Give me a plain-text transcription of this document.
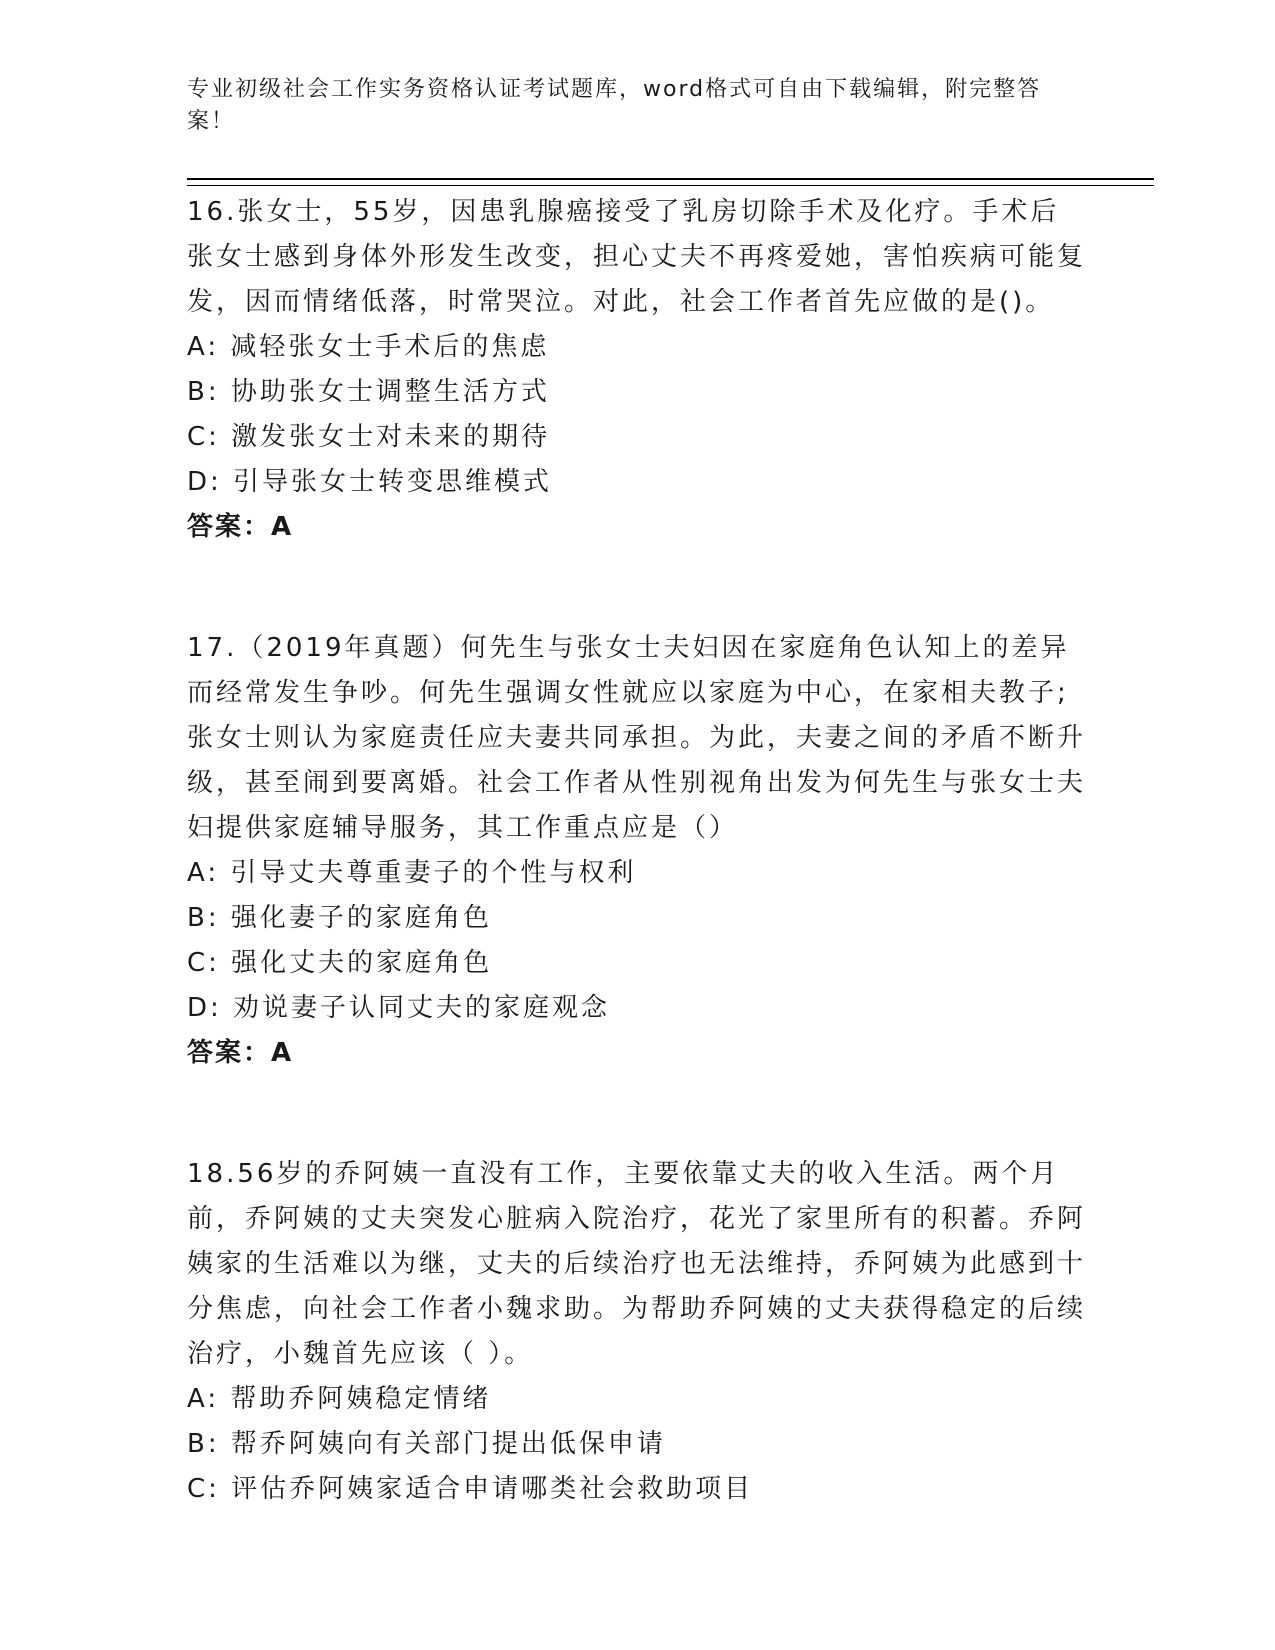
专业初级社会工作实务资格认证考试题库，word格式可自由下载编辑，附完整答案！

16.张女士，55岁，因患乳腺癌接受了乳房切除手术及化疗。手术后张女士感到身体外形发生改变，担心丈夫不再疼爱她，害怕疾病可能复发，因而情绪低落，时常哭泣。对此，社会工作者首先应做的是()。

A: 减轻张女士手术后的焦虑

B: 协助张女士调整生活方式

C: 激发张女士对未来的期待

D: 引导张女士转变思维模式

答案：A

17.（2019年真题）何先生与张女士夫妇因在家庭角色认知上的差异而经常发生争吵。何先生强调女性就应以家庭为中心，在家相夫教子;张女士则认为家庭责任应夫妻共同承担。为此，夫妻之间的矛盾不断升级，甚至闹到要离婚。社会工作者从性别视角出发为何先生与张女士夫妇提供家庭辅导服务，其工作重点应是（）

A: 引导丈夫尊重妻子的个性与权利

B: 强化妻子的家庭角色

C: 强化丈夫的家庭角色

D: 劝说妻子认同丈夫的家庭观念

答案：A

18.56岁的乔阿姨一直没有工作，主要依靠丈夫的收入生活。两个月前，乔阿姨的丈夫突发心脏病入院治疗，花光了家里所有的积蓄。乔阿姨家的生活难以为继，丈夫的后续治疗也无法维持，乔阿姨为此感到十分焦虑，向社会工作者小魏求助。为帮助乔阿姨的丈夫获得稳定的后续治疗，小魏首先应该（ ）。

A: 帮助乔阿姨稳定情绪

B: 帮乔阿姨向有关部门提出低保申请

C: 评估乔阿姨家适合申请哪类社会救助项目
